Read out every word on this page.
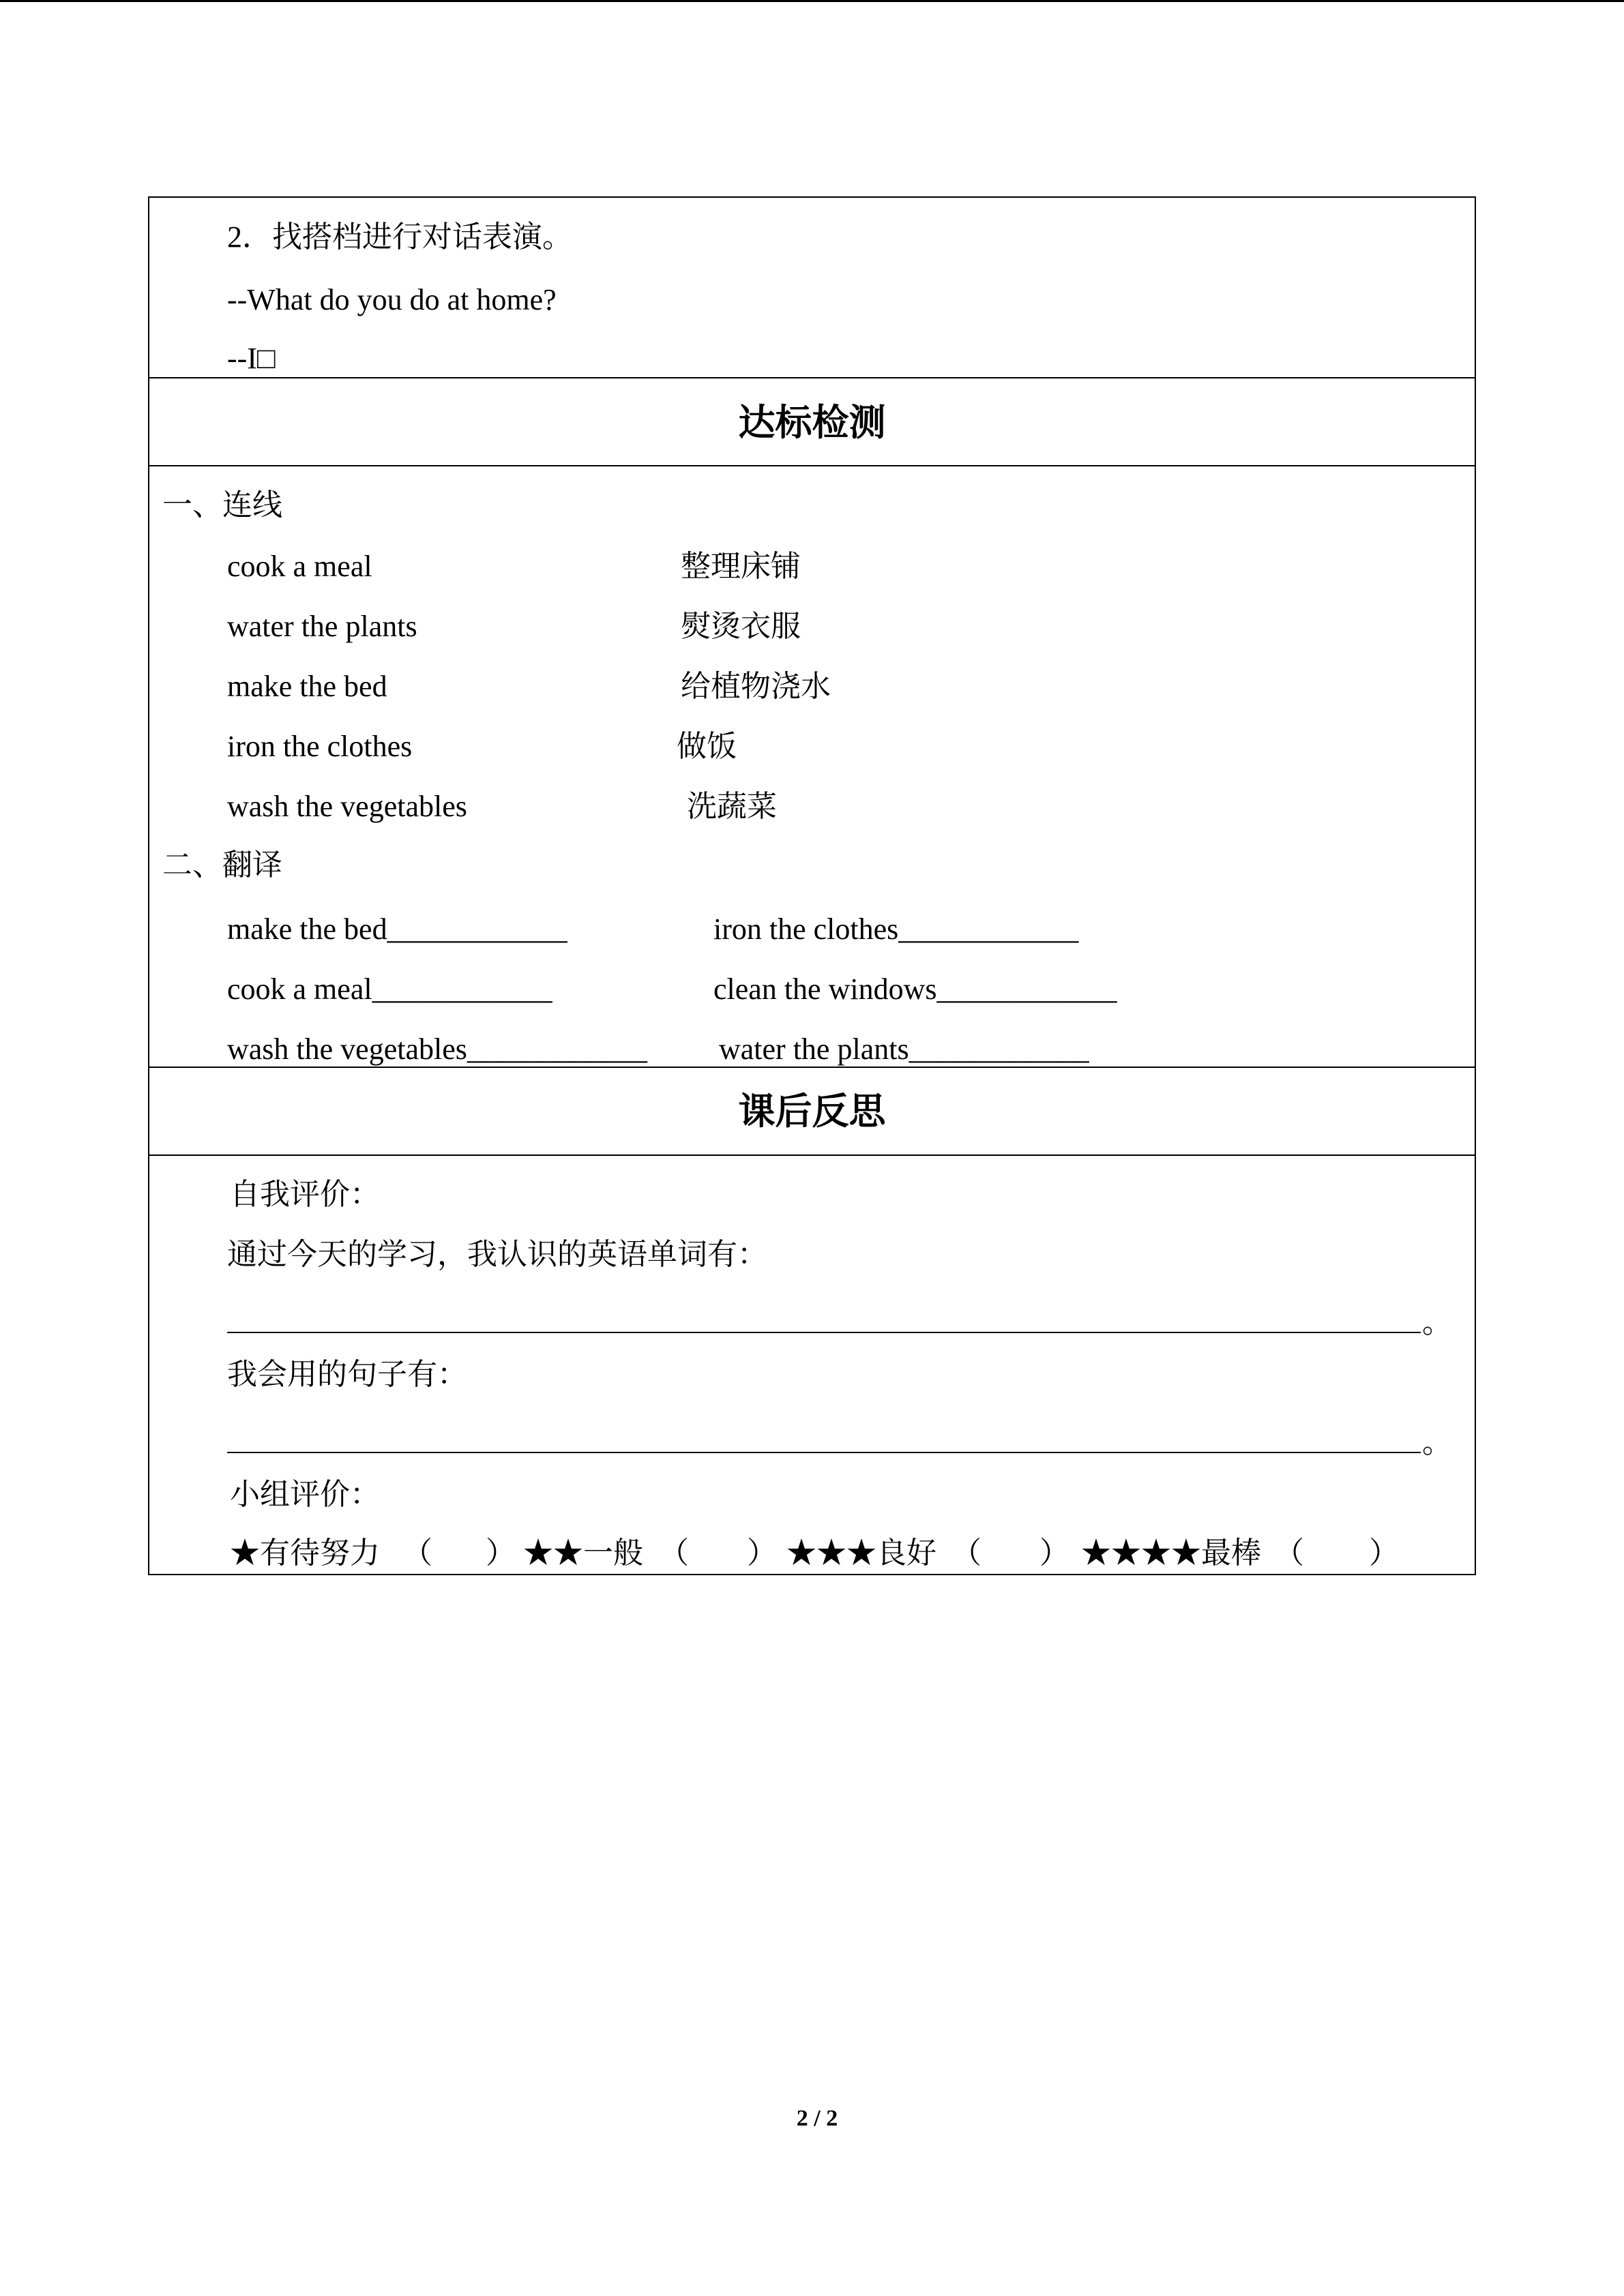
2．找搭档进行对话表演。
--What do you do at home?
--I□
达标检测
一、连线
cook a meal	整理床铺
water the plants	熨烫衣服
make the bed	给植物浇水
iron the clothes	做饭
wash the vegetables	洗蔬菜
二、翻译
make the bed____________	iron the clothes____________
cook a meal____________	clean the windows____________
wash the vegetables____________ water the plants____________
课后反思
自我评价：
通过今天的学习，我认识的英语单词有：
。
我会用的句子有：
。
小组评价：
★有待努力 （ ） ★★一般 （ ） ★★★良好 （ ） ★★★★最棒 （ ）
2 / 2
